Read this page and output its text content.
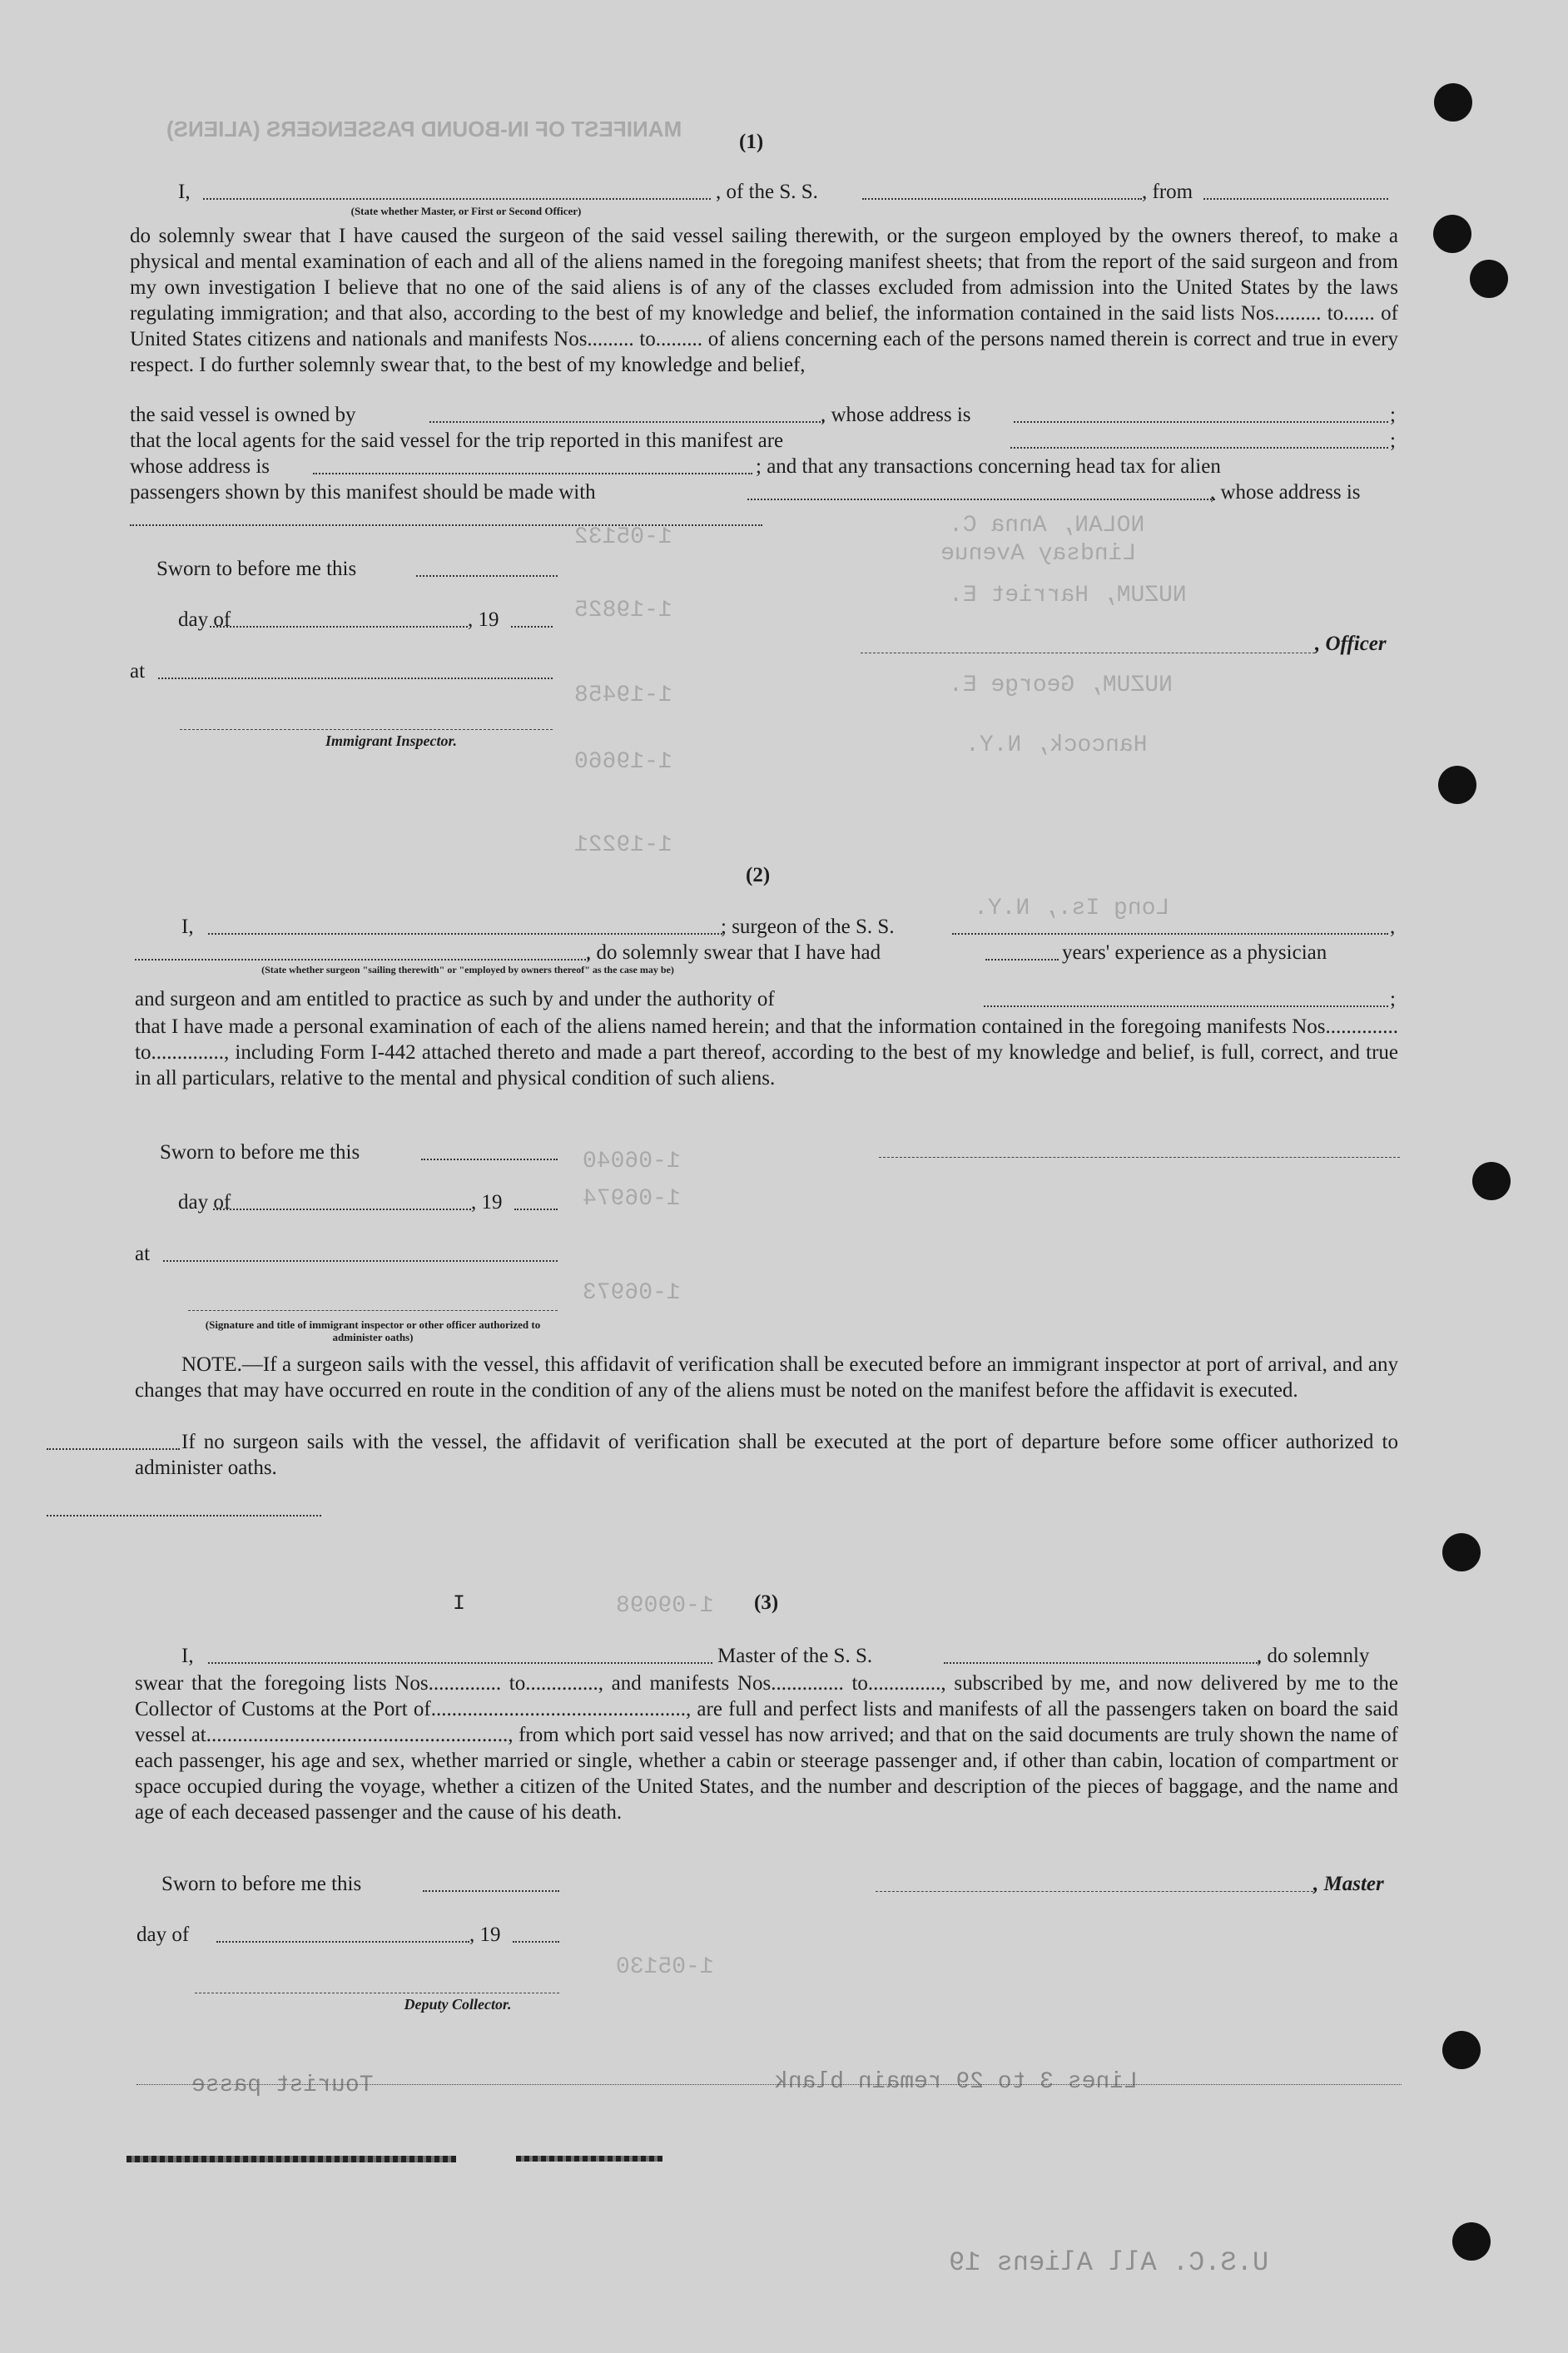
MANIFEST OF IN-BOUND PASSENGERS (ALIENS)
1-05132
1-19825
1-19458
1-19660
1-19221
1-06040
1-06974
1-06973
1-09098
1-05130
NOLAN, Anna C.
Lindsay Avenue
NUZUM, Harriet E.
NUZUM, George E.
Hancock, N.Y.
Long Is., N.Y.
Lines 3 to 29 remain blank
Tourist passe
U.S.C. All Aliens 19
(1)
I,
(State whether Master, or First or Second Officer)
, of the S. S.	, from
do solemnly swear that I have caused the surgeon of the said vessel sailing therewith, or the surgeon employed by the owners thereof, to make a physical and mental examination of each and all of the aliens named in the foregoing manifest sheets; that from the report of the said surgeon and from my own investigation I believe that no one of the said aliens is of any of the classes excluded from admission into the United States by the laws regulating immigration; and that also, according to the best of my knowledge and belief, the information contained in the said lists Nos......... to...... of United States citizens and nationals and manifests Nos......... to......... of aliens concerning each of the persons named therein is correct and true in every respect. I do further solemnly swear that, to the best of my knowledge and belief,
the said vessel is owned by	, whose address is	;
that the local agents for the said vessel for the trip reported in this manifest are	;
whose address is	; and that any transactions concerning head tax for alien
passengers shown by this manifest should be made with	, whose address is
Sworn to before me this
day of	, 19
at
Immigrant Inspector.
, Officer
(2)
I,	; surgeon of the S. S.	,
, do solemnly swear that I have had	years' experience as a physician
(State whether surgeon "sailing therewith" or "employed by owners thereof" as the case may be)
and surgeon and am entitled to practice as such by and under the authority of	;
that I have made a personal examination of each of the aliens named herein; and that the information contained in the foregoing manifests Nos.............. to.............., including Form I-442 attached thereto and made a part thereof, according to the best of my knowledge and belief, is full, correct, and true in all particulars, relative to the mental and physical condition of such aliens.
Sworn to before me this
day of	, 19
at
(Signature and title of immigrant inspector or other officer authorized to administer oaths)
NOTE.—If a surgeon sails with the vessel, this affidavit of verification shall be executed before an immigrant inspector at port of arrival, and any changes that may have occurred en route in the condition of any of the aliens must be noted on the manifest before the affidavit is executed.
If no surgeon sails with the vessel, the affidavit of verification shall be executed at the port of departure before some officer authorized to administer oaths.
I	(3)
I,	Master of the S. S.	, do solemnly
swear that the foregoing lists Nos.............. to.............., and manifests Nos.............. to.............., subscribed by me, and now delivered by me to the Collector of Customs at the Port of................................................., are full and perfect lists and manifests of all the passengers taken on board the said vessel at.........................................................., from which port said vessel has now arrived; and that on the said documents are truly shown the name of each passenger, his age and sex, whether married or single, whether a cabin or steerage passenger and, if other than cabin, location of compartment or space occupied during the voyage, whether a citizen of the United States, and the number and description of the pieces of baggage, and the name and age of each deceased passenger and the cause of his death.
Sworn to before me this	, Master
day of	, 19
Deputy Collector.
